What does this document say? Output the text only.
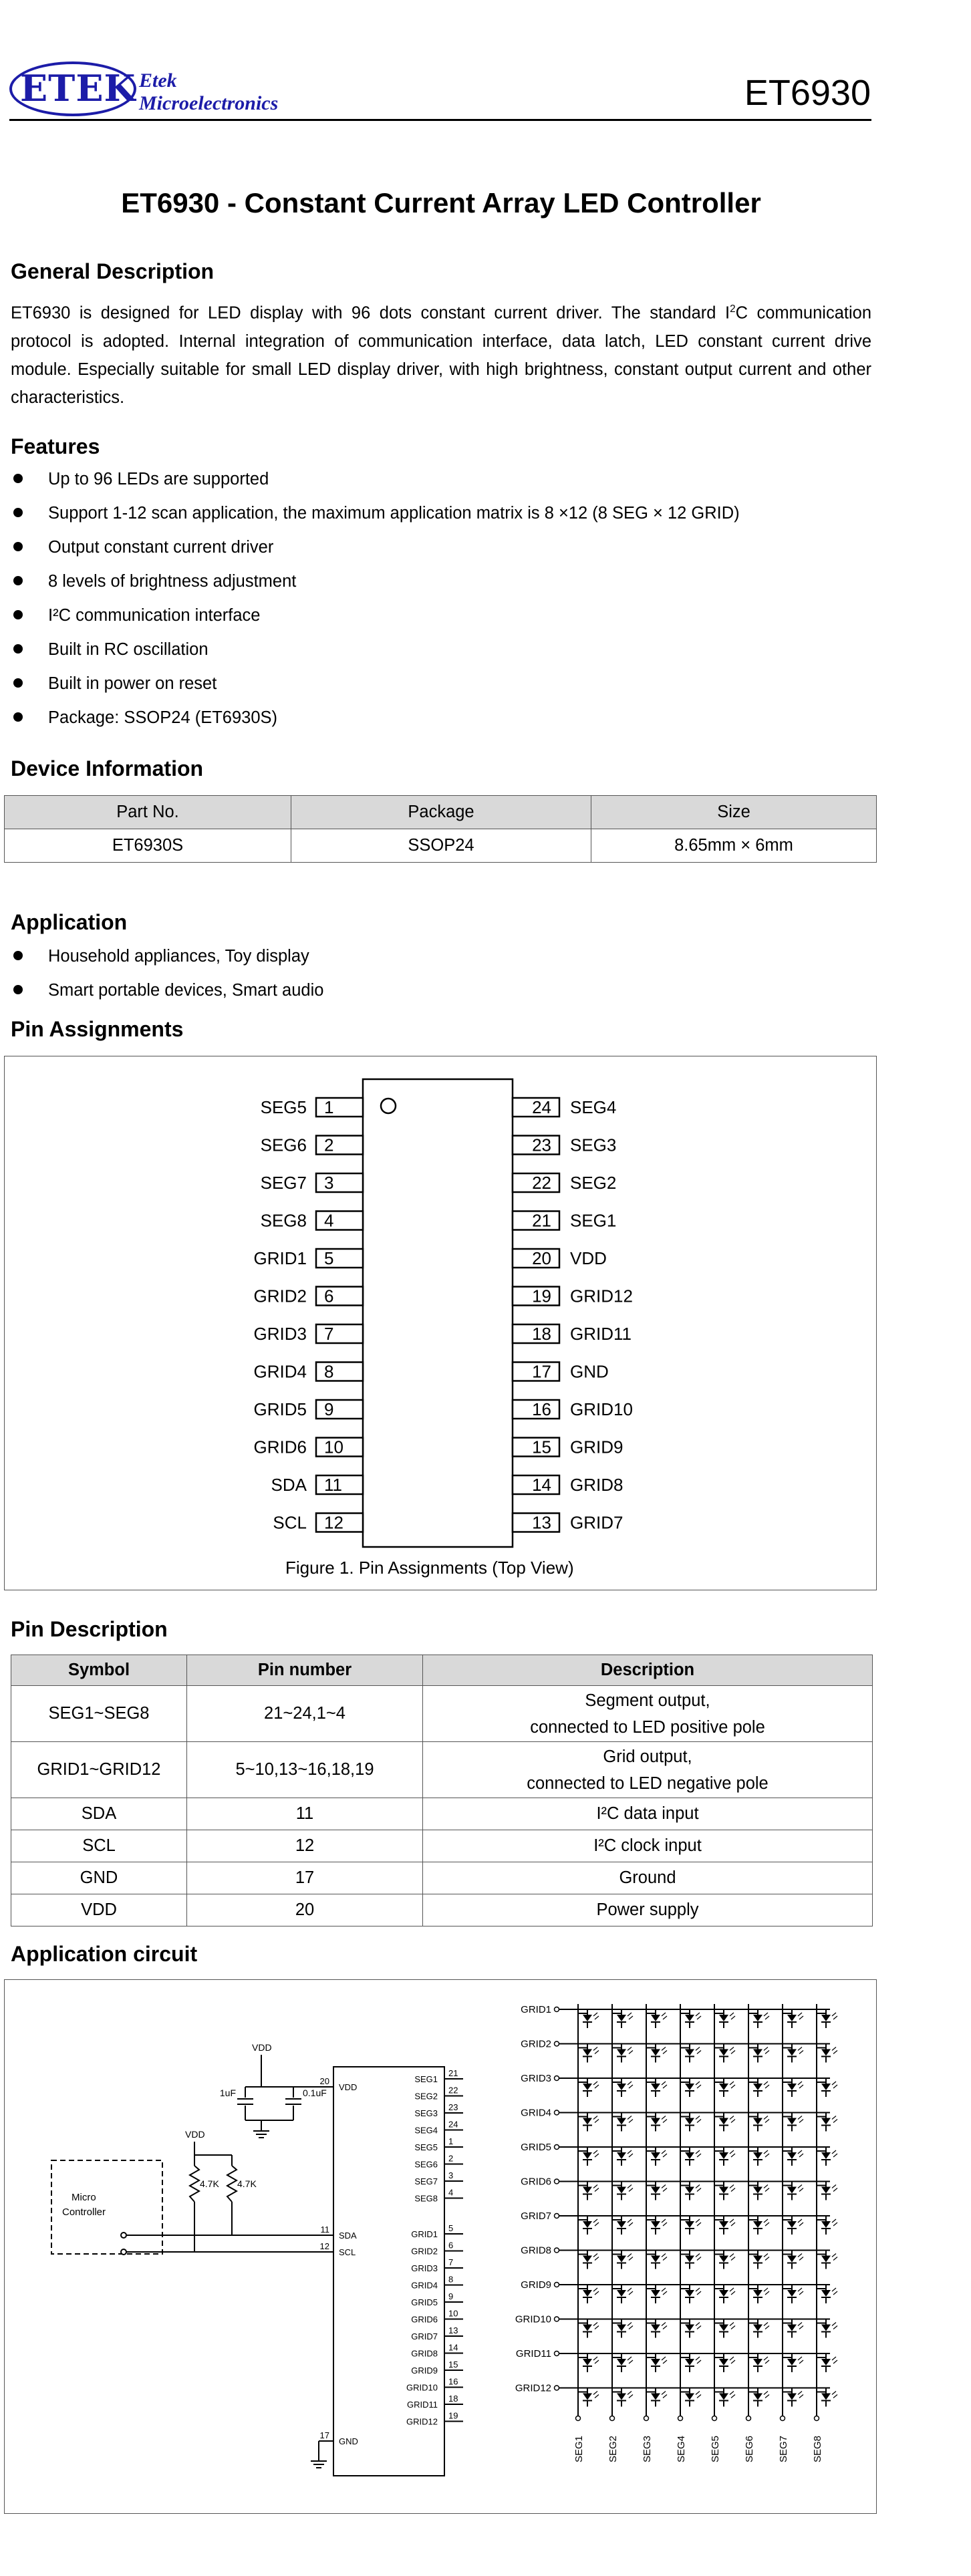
ETEK Etek
Microelectronics	ET6930
ET6930 - Constant Current Array LED Controller
General Description
ET6930 is designed for LED display with 96 dots constant current driver. The standard $I^2C$ communication protocol is adopted. Internal integration of communication interface, data latch, LED constant current drive module. Especially suitable for small LED display driver, with high brightness, constant output current and other characteristics.
Features
Up to 96 LEDs are supported
Support 1-12 scan application, the maximum application matrix is 8 ×12 (8 SEG × 12 GRID)
Output constant current driver
8 levels of brightness adjustment
I²C communication interface
Built in RC oscillation
Built in power on reset
Package: SSOP24 (ET6930S)
Device Information
Part No.	Package	Size
ET6930S	SSOP24	8.65mm × 6mm
Application
Household appliances, Toy display
Smart portable devices, Smart audio
Pin Assignments
1
SEG5
2
SEG6
3
SEG7
4
SEG8
5
GRID1
6
GRID2
7
GRID3
8
GRID4
9
GRID5
10
GRID6
11
SDA
12
SCL
24 SEG4
23 SEG3
22 SEG2
21 SEG1
20 VDD
19 GRID12
18 GRID11
17 GND
16 GRID10
15 GRID9
14 GRID8
13 GRID7
Figure 1. Pin Assignments (Top View)
Pin Description
Symbol	Pin number	Description
SEG1~SEG8	21~24,1~4	Segment output,
connected to LED positive pole
GRID1~GRID12	5~10,13~16,18,19	Grid output,
connected to LED negative pole
SDA	11	I²C data input
SCL	12	I²C clock input
GND	17	Ground
VDD	20	Power supply
Application circuit
VDD
20
SDA
11
SCL
12
GND
17
SEG1
21
SEG2
22
SEG3
23
SEG4
24
SEG5
1
SEG6
2
SEG7
3
SEG8
4
GRID1
5
GRID2
6
GRID3
7
GRID4
8
GRID5
9
GRID6
10
GRID7
13
GRID8
14
GRID9
15
GRID10
16
GRID11
18
GRID12
19
VDD
1uF	0.1uF
VDD
4.7K 4.7K
Micro
Controller
GRID1
GRID2
GRID3
GRID4
GRID5
GRID6
GRID7
GRID8
GRID9
GRID10
GRID11
GRID12
SEG1 SEG2 SEG3 SEG4 SEG5 SEG6 SEG7 SEG8
